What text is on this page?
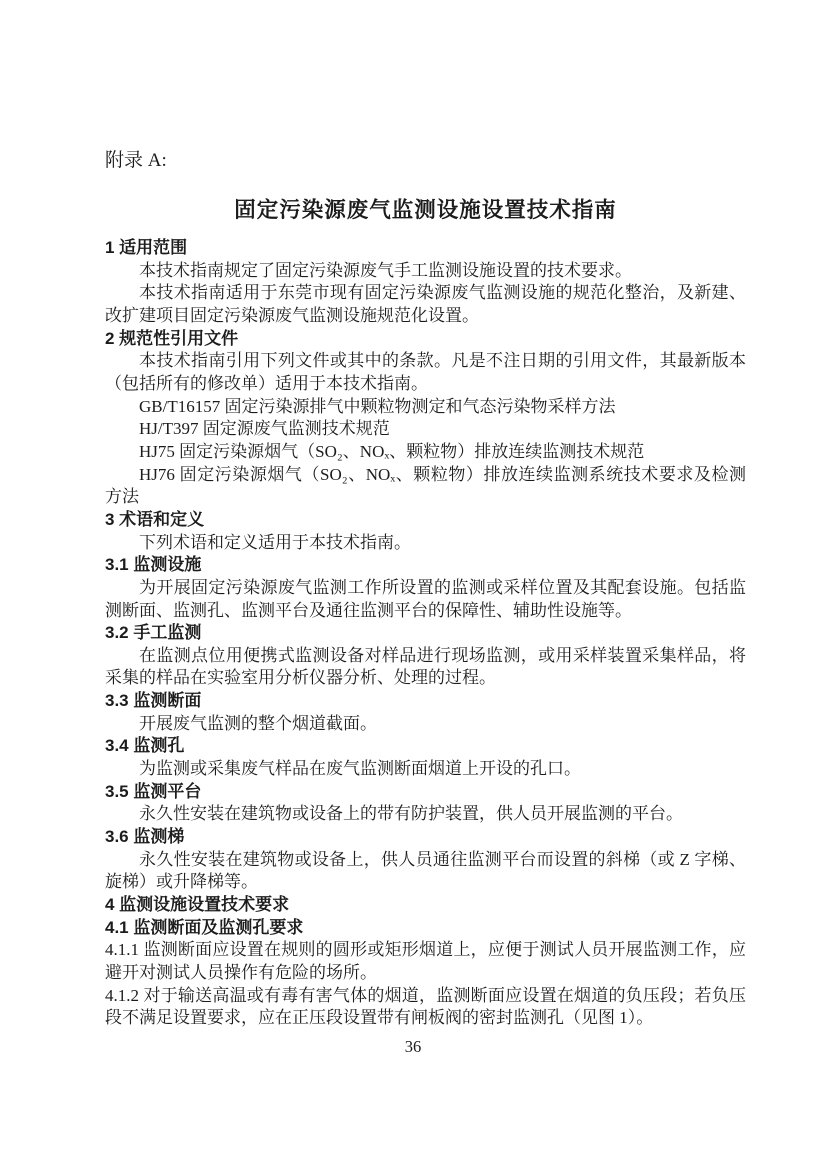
附录 A:
固定污染源废气监测设施设置技术指南
1 适用范围
本技术指南规定了固定污染源废气手工监测设施设置的技术要求。
本技术指南适用于东莞市现有固定污染源废气监测设施的规范化整治，及新建、改扩建项目固定污染源废气监测设施规范化设置。
2 规范性引用文件
本技术指南引用下列文件或其中的条款。凡是不注日期的引用文件，其最新版本（包括所有的修改单）适用于本技术指南。
GB/T16157 固定污染源排气中颗粒物测定和气态污染物采样方法
HJ/T397 固定源废气监测技术规范
HJ75 固定污染源烟气（SO₂、NOₓ、颗粒物）排放连续监测技术规范
HJ76 固定污染源烟气（SO₂、NOₓ、颗粒物）排放连续监测系统技术要求及检测方法
3 术语和定义
下列术语和定义适用于本技术指南。
3.1 监测设施
为开展固定污染源废气监测工作所设置的监测或采样位置及其配套设施。包括监测断面、监测孔、监测平台及通往监测平台的保障性、辅助性设施等。
3.2 手工监测
在监测点位用便携式监测设备对样品进行现场监测，或用采样装置采集样品，将采集的样品在实验室用分析仪器分析、处理的过程。
3.3 监测断面
开展废气监测的整个烟道截面。
3.4 监测孔
为监测或采集废气样品在废气监测断面烟道上开设的孔口。
3.5 监测平台
永久性安装在建筑物或设备上的带有防护装置，供人员开展监测的平台。
3.6 监测梯
永久性安装在建筑物或设备上，供人员通往监测平台而设置的斜梯（或 Z 字梯、旋梯）或升降梯等。
4 监测设施设置技术要求
4.1 监测断面及监测孔要求
4.1.1 监测断面应设置在规则的圆形或矩形烟道上，应便于测试人员开展监测工作，应避开对测试人员操作有危险的场所。
4.1.2 对于输送高温或有毒有害气体的烟道，监测断面应设置在烟道的负压段；若负压段不满足设置要求，应在正压段设置带有闸板阀的密封监测孔（见图 1）。
36
